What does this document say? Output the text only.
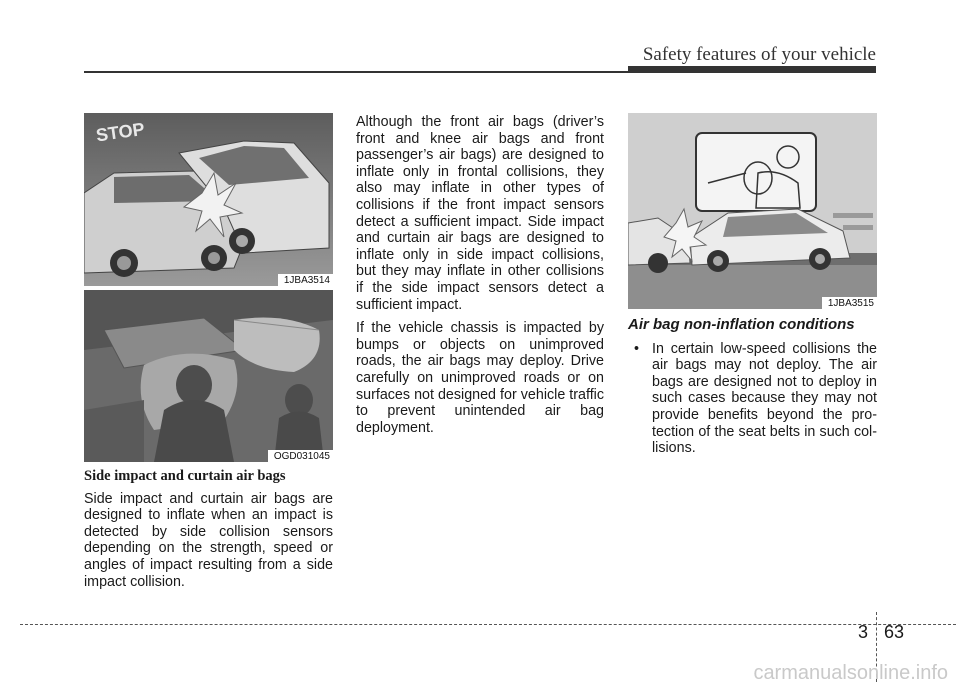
Safety features of your vehicle
STOP
1JBA3514
OGD031045

Side impact and curtain air bags

Side impact and curtain air bags are designed to inflate when an impact is detected by side collision sensors depending on the strength, speed or angles of impact resulting from a side impact collision.

Although the front air bags (driver’s front and knee air bags and front passenger’s air bags) are designed to inflate only in frontal collisions, they also may inflate in other types of collisions if the front impact sensors detect a sufficient impact. Side impact and curtain air bags are designed to inflate only in side impact collisions, but they may inflate in other collisions if the side impact sensors detect a sufficient impact.

If the vehicle chassis is impacted by bumps or objects on unimproved roads, the air bags may deploy. Drive carefully on unimproved roads or on surfaces not designed for vehicle traffic to prevent unintended air bag deployment.

1JBA3515

Air bag non-inflation conditions

• In certain low-speed collisions the air bags may not deploy. The air bags are designed not to deploy in such cases because they may not provide benefits beyond the pro- tection of the seat belts in such col- lisions.
3 63
carmanualsonline.info
